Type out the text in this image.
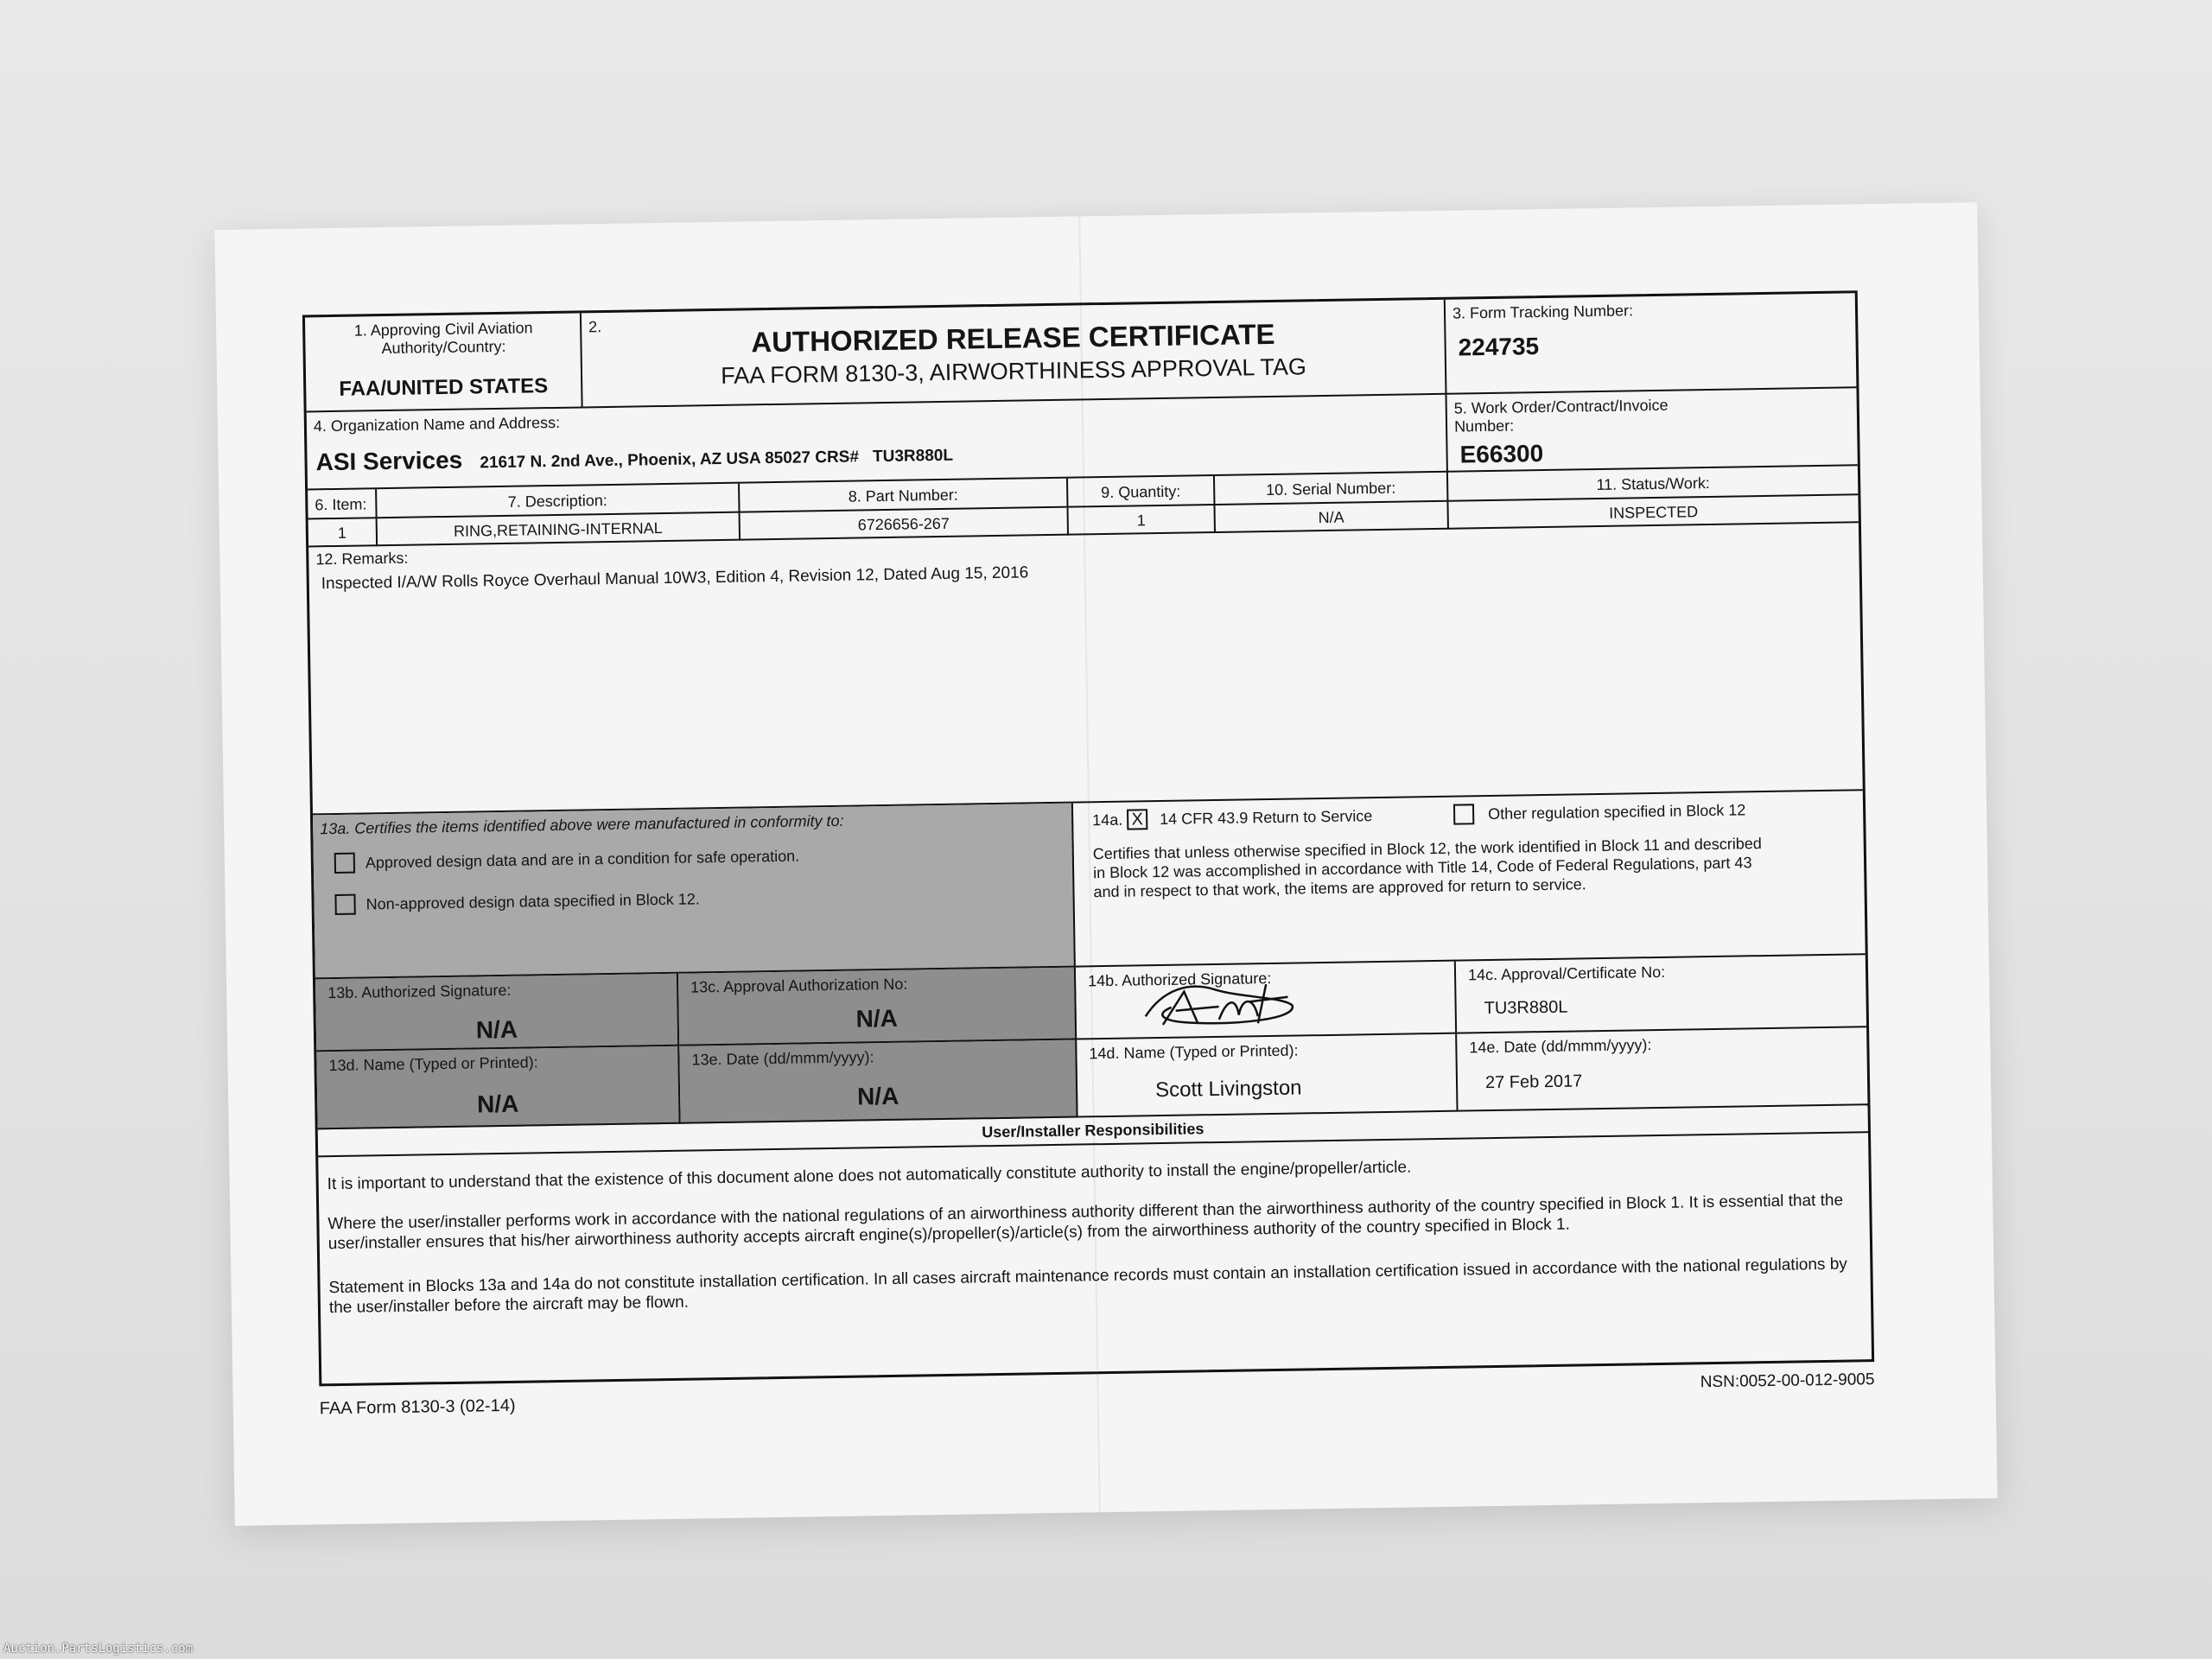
1. Approving Civil Aviation Authority/Country:
FAA/UNITED STATES
2.	AUTHORIZED RELEASE CERTIFICATE
FAA FORM 8130-3, AIRWORTHINESS APPROVAL TAG
3. Form Tracking Number:
224735
4. Organization Name and Address:
ASI Services 21617 N. 2nd Ave., Phoenix, AZ USA 85027 CRS# TU3R880L
5. Work Order/Contract/Invoice Number:
E66300
6. Item:	7. Description:	8. Part Number:	9. Quantity:	10. Serial Number:	11. Status/Work:
1	RING,RETAINING-INTERNAL	6726656-267	1	N/A	INSPECTED
12. Remarks:
Inspected I/A/W Rolls Royce Overhaul Manual 10W3, Edition 4, Revision 12, Dated Aug 15, 2016
13a. Certifies the items identified above were manufactured in conformity to:
Approved design data and are in a condition for safe operation.
Non-approved design data specified in Block 12.
14a. X 14 CFR 43.9 Return to Service	Other regulation specified in Block 12
Certifies that unless otherwise specified in Block 12, the work identified in Block 11 and described in Block 12 was accomplished in accordance with Title 14, Code of Federal Regulations, part 43 and in respect to that work, the items are approved for return to service.
13b. Authorized Signature:
N/A
13c. Approval Authorization No:
N/A
14b. Authorized Signature:	14c. Approval/Certificate No:
TU3R880L
13d. Name (Typed or Printed):
N/A
13e. Date (dd/mmm/yyyy):
N/A
14d. Name (Typed or Printed):
Scott Livingston
14e. Date (dd/mmm/yyyy):
27 Feb 2017
User/Installer Responsibilities
It is important to understand that the existence of this document alone does not automatically constitute authority to install the engine/propeller/article.
Where the user/installer performs work in accordance with the national regulations of an airworthiness authority different than the airworthiness authority of the country specified in Block 1. It is essential that the user/installer ensures that his/her airworthiness authority accepts aircraft engine(s)/propeller(s)/article(s) from the airworthiness authority of the country specified in Block 1.
Statement in Blocks 13a and 14a do not constitute installation certification. In all cases aircraft maintenance records must contain an installation certification issued in accordance with the national regulations by the user/installer before the aircraft may be flown.
FAA Form 8130-3 (02-14)
NSN:0052-00-012-9005
Auction.PartsLogistics.com
